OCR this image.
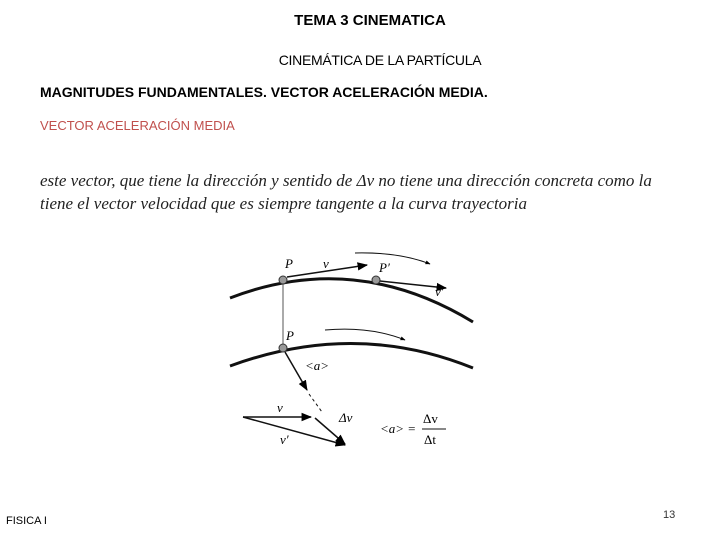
TEMA 3 CINEMATICA
CINEMÁTICA DE LA PARTÍCULA
MAGNITUDES FUNDAMENTALES. VECTOR ACELERACIÓN MEDIA.
VECTOR ACELERACIÓN MEDIA
este vector, que tiene la dirección y sentido de Δv no tiene una dirección concreta como la
tiene el vector velocidad que es siempre tangente a la curva trayectoria
P v	P′
v′
P
<a>
v
Δv
v′
<a> =
Δv
Δt
FISICA I	13
